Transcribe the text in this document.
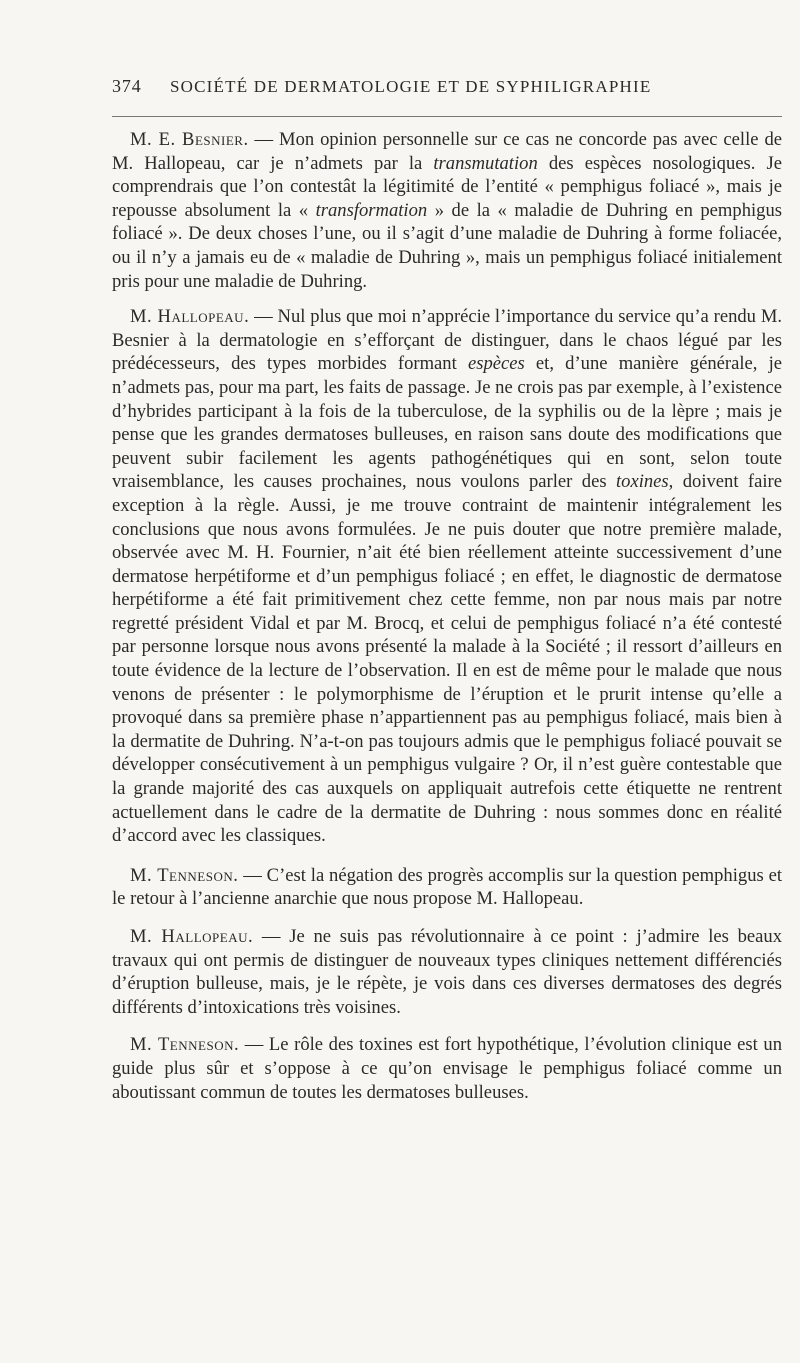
374 SOCIÉTÉ DE DERMATOLOGIE ET DE SYPHILIGRAPHIE

M. E. Besnier. — Mon opinion personnelle sur ce cas ne concorde pas avec celle de M. Hallopeau, car je n’admets par la transmutation des espèces nosologiques. Je comprendrais que l’on contestât la légitimité de l’entité « pemphigus foliacé », mais je repousse absolument la « transformation » de la « maladie de Duhring en pemphigus foliacé ». De deux choses l’une, ou il s’agit d’une maladie de Duhring à forme foliacée, ou il n’y a jamais eu de « maladie de Duhring », mais un pemphigus foliacé initialement pris pour une maladie de Duhring.

M. Hallopeau. — Nul plus que moi n’apprécie l’importance du service qu’a rendu M. Besnier à la dermatologie en s’efforçant de distinguer, dans le chaos légué par les prédécesseurs, des types morbides formant espèces et, d’une manière générale, je n’admets pas, pour ma part, les faits de passage. Je ne crois pas par exemple, à l’existence d’hybrides participant à la fois de la tuberculose, de la syphilis ou de la lèpre ; mais je pense que les grandes dermatoses bulleuses, en raison sans doute des modifications que peuvent subir facilement les agents pathogénétiques qui en sont, selon toute vraisemblance, les causes prochaines, nous voulons parler des toxines, doivent faire exception à la règle. Aussi, je me trouve contraint de maintenir intégralement les conclusions que nous avons formulées. Je ne puis douter que notre première malade, observée avec M. H. Fournier, n’ait été bien réellement atteinte successivement d’une dermatose herpétiforme et d’un pemphigus foliacé ; en effet, le diagnostic de dermatose herpétiforme a été fait primitivement chez cette femme, non par nous mais par notre regretté président Vidal et par M. Brocq, et celui de pemphigus foliacé n’a été contesté par personne lorsque nous avons présenté la malade à la Société ; il ressort d’ailleurs en toute évidence de la lecture de l’observation. Il en est de même pour le malade que nous venons de présenter : le polymorphisme de l’éruption et le prurit intense qu’elle a provoqué dans sa première phase n’appartiennent pas au pemphigus foliacé, mais bien à la dermatite de Duhring. N’a-t-on pas toujours admis que le pemphigus foliacé pouvait se développer consécutivement à un pemphigus vulgaire ? Or, il n’est guère contestable que la grande majorité des cas auxquels on appliquait autrefois cette étiquette ne rentrent actuellement dans le cadre de la dermatite de Duhring : nous sommes donc en réalité d’accord avec les classiques.

M. Tenneson. — C’est la négation des progrès accomplis sur la question pemphigus et le retour à l’ancienne anarchie que nous propose M. Hallopeau.

M. Hallopeau. — Je ne suis pas révolutionnaire à ce point : j’admire les beaux travaux qui ont permis de distinguer de nouveaux types cliniques nettement différenciés d’éruption bulleuse, mais, je le répète, je vois dans ces diverses dermatoses des degrés différents d’intoxications très voisines.

M. Tenneson. — Le rôle des toxines est fort hypothétique, l’évolution clinique est un guide plus sûr et s’oppose à ce qu’on envisage le pemphigus foliacé comme un aboutissant commun de toutes les dermatoses bulleuses.
